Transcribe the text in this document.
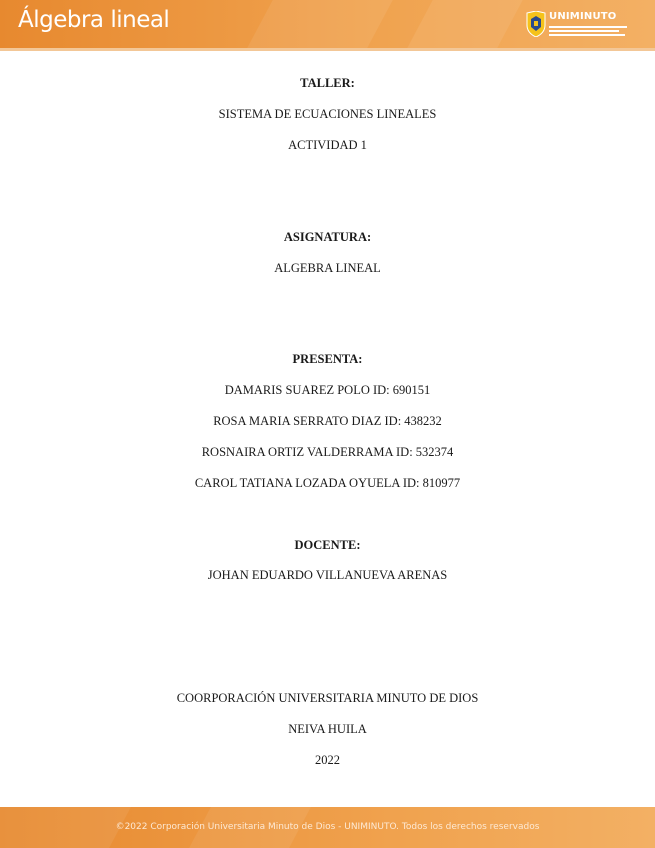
Álgebra lineal	UNIMINUTO
TALLER:
SISTEMA DE ECUACIONES LINEALES
ACTIVIDAD 1
ASIGNATURA:
ALGEBRA LINEAL
PRESENTA:
DAMARIS SUAREZ POLO ID: 690151
ROSA MARIA SERRATO DIAZ ID: 438232
ROSNAIRA ORTIZ VALDERRAMA ID: 532374
CAROL TATIANA LOZADA OYUELA ID: 810977
DOCENTE:
JOHAN EDUARDO VILLANUEVA ARENAS
COORPORACIÓN UNIVERSITARIA MINUTO DE DIOS
NEIVA HUILA
2022
©2022 Corporación Universitaria Minuto de Dios - UNIMINUTO. Todos los derechos reservados
